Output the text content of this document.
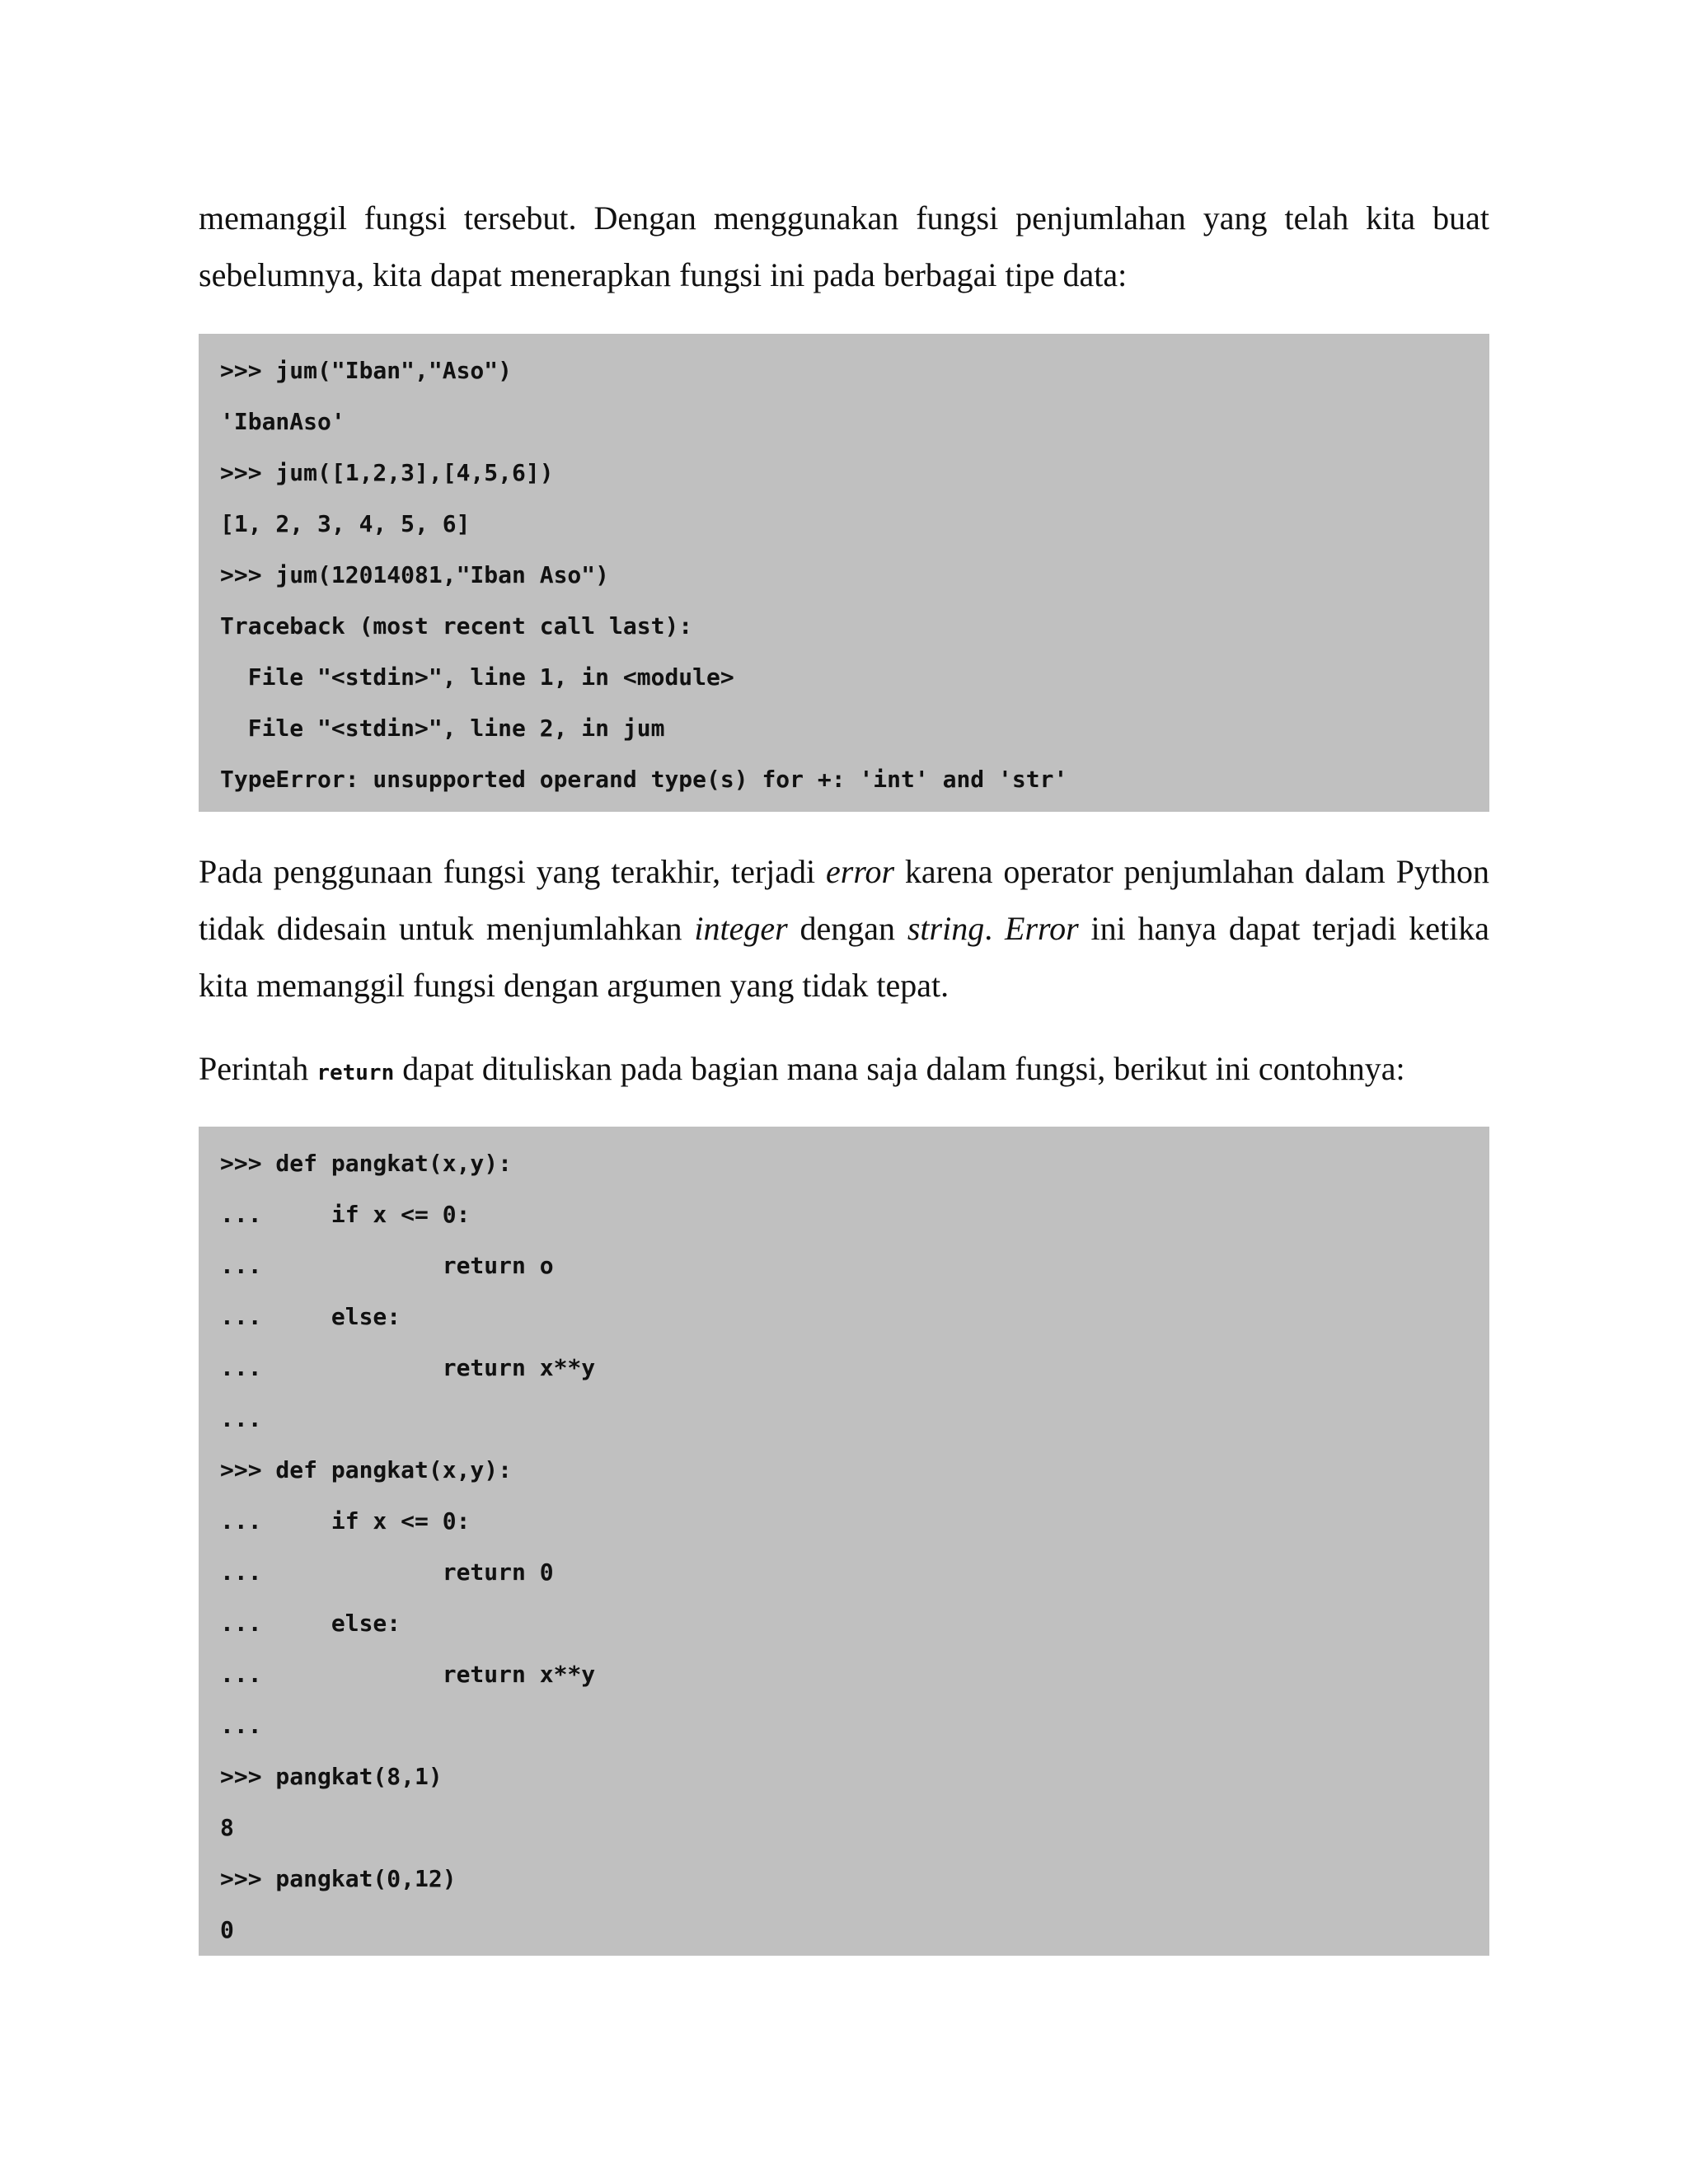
memanggil fungsi tersebut. Dengan menggunakan fungsi penjumlahan yang telah kita buat sebelumnya, kita dapat menerapkan fungsi ini pada berbagai tipe data:

>>> jum("Iban","Aso")
'IbanAso'
>>> jum([1,2,3],[4,5,6])
[1, 2, 3, 4, 5, 6]
>>> jum(12014081,"Iban Aso")
Traceback (most recent call last):
File "<stdin>", line 1, in <module>
File "<stdin>", line 2, in jum
TypeError: unsupported operand type(s) for +: 'int' and 'str'

Pada penggunaan fungsi yang terakhir, terjadi error karena operator penjumlahan dalam Python tidak didesain untuk menjumlahkan integer dengan string. Error ini hanya dapat terjadi ketika kita memanggil fungsi dengan argumen yang tidak tepat.

Perintah return dapat dituliskan pada bagian mana saja dalam fungsi, berikut ini contohnya:

>>> def pangkat(x,y):
...     if x <= 0:
...             return o
...     else:
...             return x**y
...
>>> def pangkat(x,y):
...     if x <= 0:
...             return 0
...     else:
...             return x**y
...
>>> pangkat(8,1)
8
>>> pangkat(0,12)
0
